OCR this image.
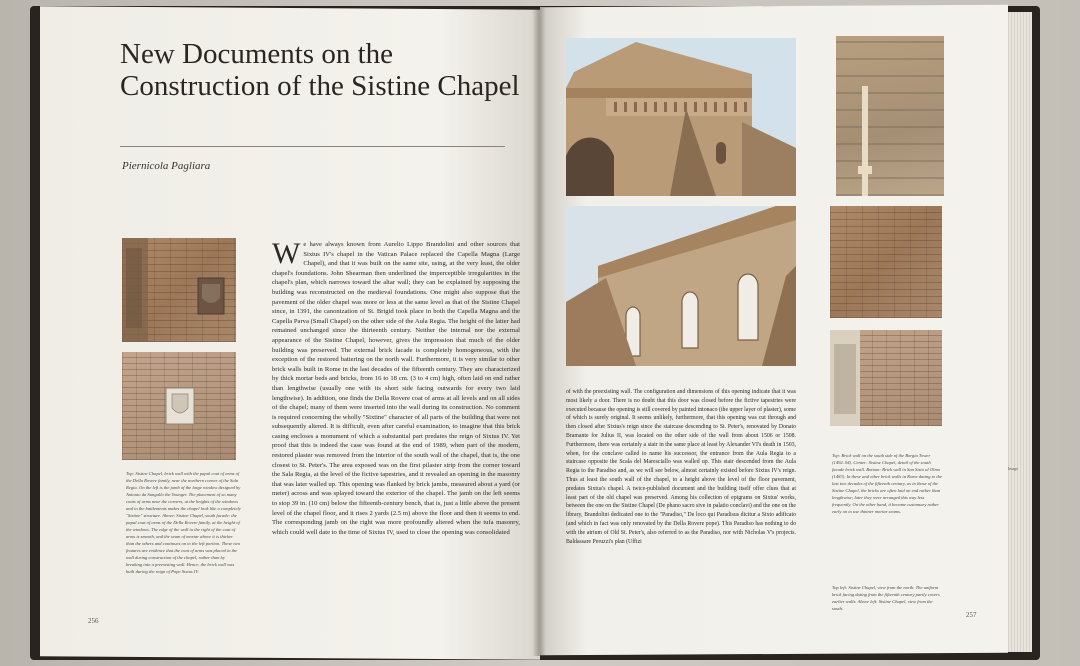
New Documents on the Construction of the Sistine Chapel
Piernicola Pagliara

Top: Sistine Chapel, brick wall with the papal coat of arms of the Della Rovere family, near the northern corner of the Sala Regia. On the left is the jamb of the large window designed by Antonio da Sangallo the Younger. The placement of so many coats of arms near the corners, at the heights of the windows and in the battlements makes the chapel look like a completely "Sixtine" structure. Above: Sistine Chapel, south facade: the papal coat of arms of the Della Rovere family, at the height of the windows. The edge of the wall to the right of the coat of arms is smooth, and the seam of mortar above it is thicker than the others and continues on to the left portion. These two features are evidence that the coat of arms was placed in the wall during construction of the chapel, rather than by breaking into a preexisting wall. Hence, the brick wall was built during the reign of Pope Sixtus IV.

We have always known from Aurelio Lippo Brandolini and other sources that Sixtus IV's chapel in the Vatican Palace replaced the Capella Magna (Large Chapel), and that it was built on the same site, using, at the very least, the older chapel's foundations. John Shearman then underlined the imperceptible irregularities in the chapel's plan, which narrows toward the altar wall; they can be explained by supposing the building was reconstructed on the medieval foundations. One might also suppose that the pavement of the older chapel was more or less at the same level as that of the Sistine Chapel since, in 1391, the canonization of St. Brigid took place in both the Capella Magna and the Capella Parva (Small Chapel) on the other side of the Aula Regia. The height of the latter had remained unchanged since the thirteenth century. Neither the internal nor the external appearance of the Sistine Chapel, however, gives the impression that much of the older building was preserved. The external brick facade is completely homogeneous, with the exception of the restored battering on the north wall. Furthermore, it is very similar to other brick walls built in Rome in the last decades of the fifteenth century. They are characterized by thick mortar beds and bricks, from 16 to 18 cm. (3 to 4 cm) high, often laid on end rather than lengthwise (usually one with its short side facing outwards for every two laid lengthwise). In addition, one finds the Della Rovere coat of arms at all levels and on all sides of the chapel; many of them were inserted into the wall during its construction. No comment is required concerning the wholly "Sixtine" character of all parts of the building that were not subsequently altered. It is difficult, even after careful examination, to imagine that this brick casing encloses a monument of which a substantial part predates the reign of Sixtus IV. Yet proof that this is indeed the case was found at the end of 1989, when part of the modern, restored plaster was removed from the interior of the south wall of the chapel, that is, the one closest to St. Peter's. The area exposed was on the first pilaster strip from the corner toward the Sala Regia, at the level of the fictive tapestries, and it revealed an opening in the masonry that was later walled up. This opening was flanked by brick jambs, measured about a yard (or meter) across and was splayed toward the exterior of the chapel. The jamb on the left seems to stop 39 in. (10 cm) below the fifteenth-century bench, that is, just a little above the present level of the chapel floor, and it rises 2 yards (2.5 m) above the floor and then it seems to end. The corresponding jamb on the right was more profoundly altered when the tufa masonry, which could well date to the time of Sixtus IV, used to close the opening was consolidated
256

Top: Brick wall on the south side of the Borgia Tower (1492–94). Center: Sistine Chapel, detail of the south facade brick wall. Bottom: Brick wall in San Sisto al Olmo (1483). In these and other brick walls in Rome dating to the last two decades of the fifteenth century, as in those of the Sistine Chapel, the bricks are often laid on end rather than lengthwise; later they were arranged this way less frequently. On the other hand, it became customary rather early on to use thinner mortar seams.

Top left: Sistine Chapel, view from the north. The uniform brick facing dating from the fifteenth century partly covers earlier walls. Above left: Sistine Chapel, view from the south.

of with the preexisting wall. The configuration and dimensions of this opening indicate that it was most likely a door. There is no doubt that this door was closed before the fictive tapestries were executed because the opening is still covered by painted intonaco (the upper layer of plaster), some of which is surely original. It seems unlikely, furthermore, that this opening was cut through and then closed after Sixtus's reign since the staircase descending to St. Peter's, renovated by Donato Bramante for Julius II, was located on the other side of the wall from about 1506 or 1508. Furthermore, there was certainly a stair in the same place at least by Alexander VI's death in 1503, when, for the conclave called to name his successor, the entrance from the Aula Regia to a staircase opposite the Scala del Maresciallo was walled up. This stair descended from the Aula Regia to the Paradiso and, as we will see below, almost certainly existed before Sixtus IV's reign. Thus at least the south wall of the chapel, to a height above the level of the floor pavement, predates Sixtus's chapel. A twice-published document and the building itself offer clues that at least part of the old chapel was preserved. Among his collection of epigrams on Sixtus' works, between the one on the Sistine Chapel (De phano sacro sive in palatio conclavi) and the one on the library, Brandolini dedicated one to the "Paradiso," De loco qui Paradisus dicitur a Sixto adificato (and which in fact was only renovated by the Della Rovere pope). This Paradiso has nothing to do with the atrium of Old St. Peter's, also referred to as the Paradiso, nor with Nicholas V's projects. Baldassare Peruzzi's plan (Uffizi
257
Image
